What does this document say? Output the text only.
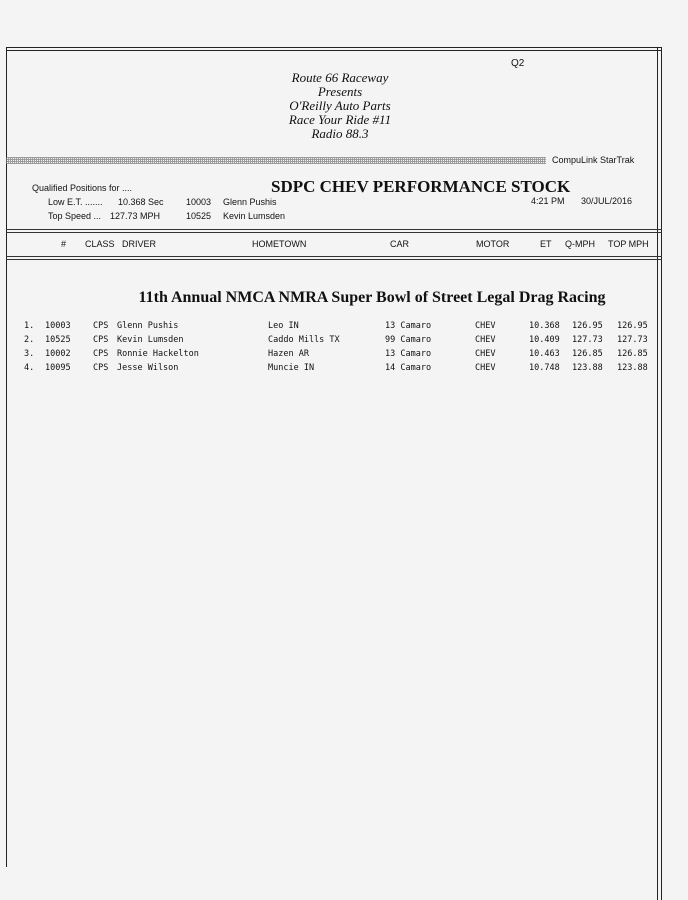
Q2
Route 66 Raceway
Presents
O'Reilly Auto Parts
Race Your Ride #11
Radio 88.3
CompuLink StarTrak
Qualified Positions for ....	SDPC CHEV PERFORMANCE STOCK
Low E.T. ....... 10.368 Sec 10003 Glenn Pushis	4:21 PM 30/JUL/2016
Top Speed ... 127.73 MPH	10525 Kevin Lumsden
# CLASS DRIVER	HOMETOWN	CAR	MOTOR	ET Q-MPH TOP MPH
11th Annual NMCA NMRA Super Bowl of Street Legal Drag Racing
1. 10003	CPS Glenn Pushis	Leo IN	13 Camaro	CHEV	10.368 126.95 126.95
2. 10525	CPS Kevin Lumsden	Caddo Mills TX	99 Camaro	CHEV	10.409 127.73 127.73
3. 10002	CPS Ronnie Hackelton	Hazen AR	13 Camaro	CHEV	10.463 126.85 126.85
4. 10095	CPS Jesse Wilson	Muncie IN	14 Camaro	CHEV	10.748 123.88 123.88
